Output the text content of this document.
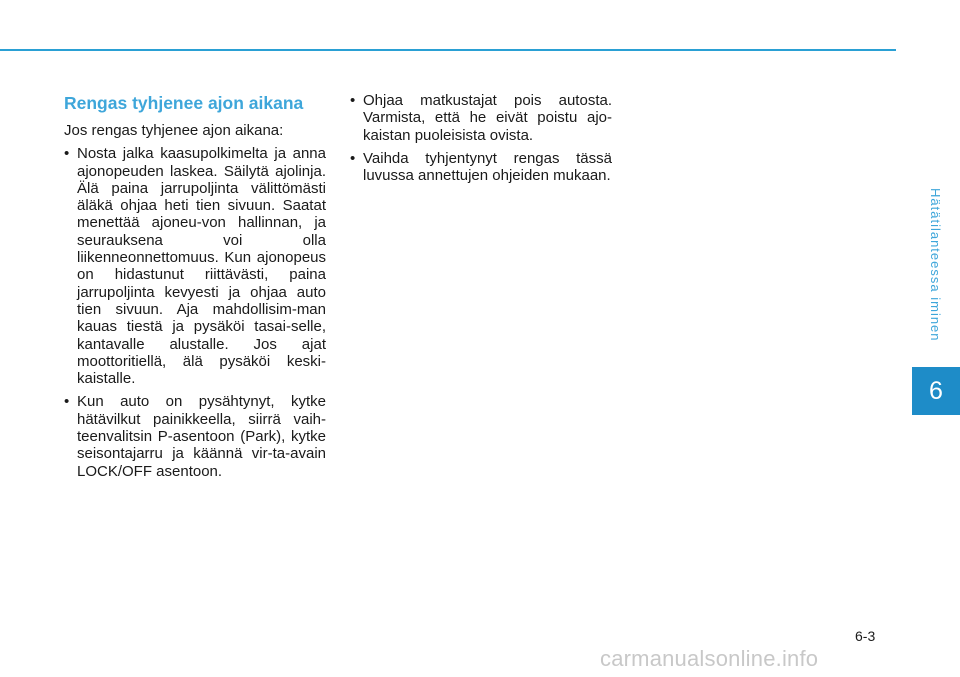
Rengas tyhjenee ajon aikana

Jos rengas tyhjenee ajon aikana:

• Nosta jalka kaasupolkimelta ja anna ajonopeuden laskea. Säilytä ajolinja. Älä paina jarrupoljinta välittömästi äläkä ohjaa heti tien sivuun. Saatat menettää ajoneu-von hallinnan, ja seurauksena voi olla liikenneonnettomuus. Kun ajonopeus on hidastunut riittävästi, paina jarrupoljinta kevyesti ja ohjaa auto tien sivuun. Aja mahdollisim-man kauas tiestä ja pysäköi tasai-selle, kantavalle alustalle. Jos ajat moottoritiellä, älä pysäköi keski-kaistalle.
• Kun auto on pysähtynyt, kytke hätävilkut painikkeella, siirrä vaih-teenvalitsin P-asentoon (Park), kytke seisontajarru ja käännä vir-ta-avain LOCK/OFF asentoon.
• Ohjaa matkustajat pois autosta. Varmista, että he eivät poistu ajo-kaistan puoleisista ovista.
• Vaihda tyhjentynyt rengas tässä luvussa annettujen ohjeiden mukaan.
Hätätilanteessa iminen
6
6-3
carmanualsonline.info
